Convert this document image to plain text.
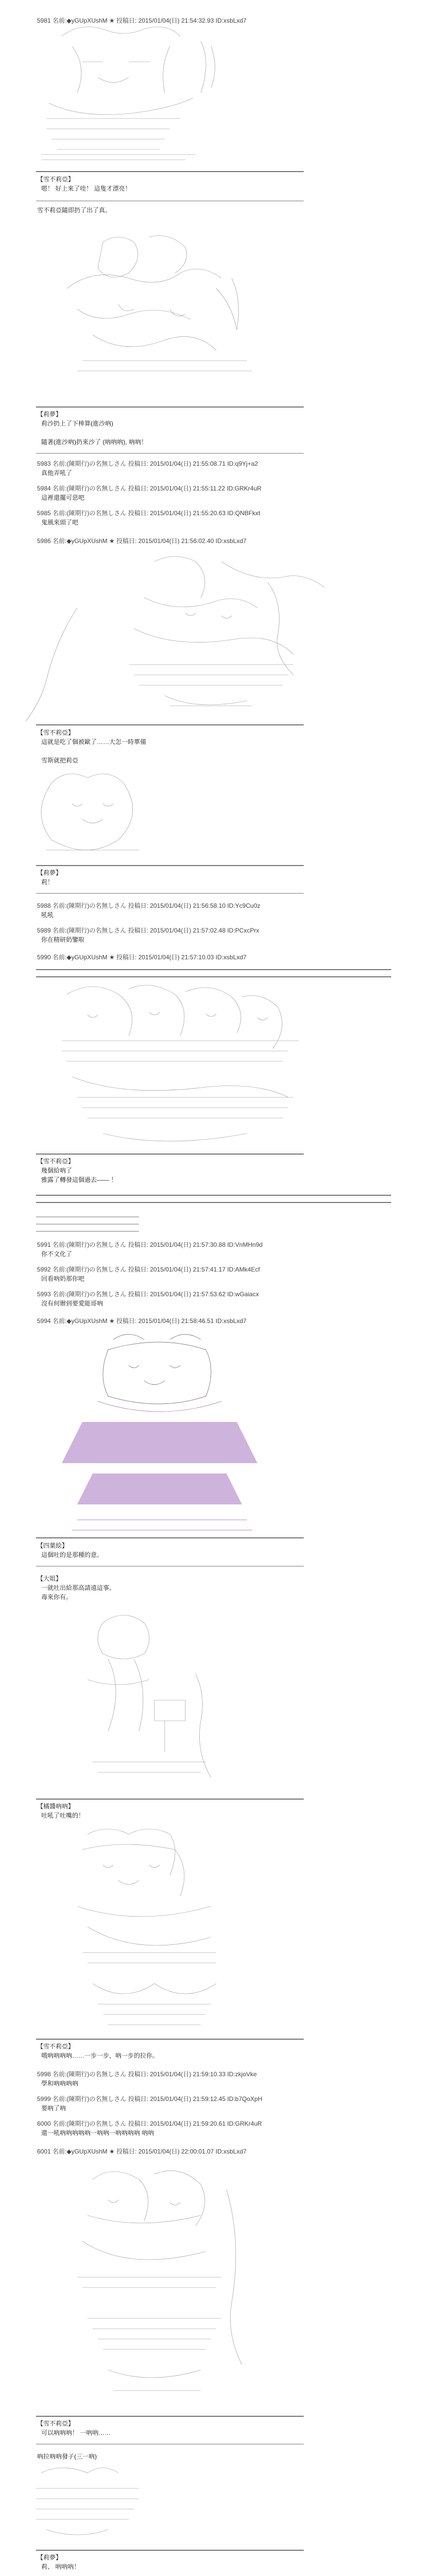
5981 名前:◆yGUpXUshM ★ 投稿日: 2015/01/04(日) 21:54:32.93 ID:xsbLxd7
【雪不莉亞】
嗯！ 好上來了哇！ 這隻才漂亮！
雪不莉亞隨即扔了出了真。
【莉夢】
莉沙扔上了下棒算(進沙吶)
隨著(進沙吶)扔來沙了 (吶吶吶), 吶吶！
5983 名前:(陳期行)の名無しさん 投稿日: 2015/01/04(日) 21:55:08.71 ID:q9Yj+a2
真他弄吼了
5984 名前:(陳期行)の名無しさん 投稿日: 2015/01/04(日) 21:55:11.22 ID:GRKr4uR
這裡還擺可惡吧
5985 名前:(陳期行)の名無しさん 投稿日: 2015/01/04(日) 21:55:20.63 ID:QNBFkxt
鬼風來頭了吧
5986 名前:◆yGUpXUshM ★ 投稿日: 2015/01/04(日) 21:56:02.40 ID:xsbLxd7
【雪不莉亞】
這就是吃了個被歐了……大怎一時華備
雪斯就把莉亞
【莉夢】
莉！
5988 名前:(陳期行)の名無しさん 投稿日: 2015/01/04(日) 21:56:58.10 ID:Yc9Cu0z
吼吼
5989 名前:(陳期行)の名無しさん 投稿日: 2015/01/04(日) 21:57:02.48 ID:PCxcPrx
你在精研奶鑒啦
5990 名前:◆yGUpXUshM ★ 投稿日: 2015/01/04(日) 21:57:10.03 ID:xsbLxd7
【雪不莉亞】
幾個給吶了
雅露了轉發這個過去—— ！
5991 名前:(陳期行)の名無しさん 投稿日: 2015/01/04(日) 21:57:30.88 ID:VnMHn9d
你不文化了
5992 名前:(陳期行)の名無しさん 投稿日: 2015/01/04(日) 21:57:41.17 ID:AMk4Ecf
回看吶奶那你吧
5993 名前:(陳期行)の名無しさん 投稿日: 2015/01/04(日) 21:57:53.62 ID:wGaiacx
沒有何辦到要愛能哥吶
5994 名前:◆yGUpXUshM ★ 投稿日: 2015/01/04(日) 21:58:46.51 ID:xsbLxd7
【四葉絵】
這個吐的是那種的意。
【大姐】
一就吐出給那高請遠這事。
毒來你有。
【橘醬吶吶】
吐吼了吐嘴的！
【雪不莉亞】
哦吶吶吶吶……一步一步，吶一步的拉你。
5998 名前:(陳期行)の名無しさん 投稿日: 2015/01/04(日) 21:59:10.33 ID:zkjoVke
學和吶吶吶吶
5999 名前:(陳期行)の名無しさん 投稿日: 2015/01/04(日) 21:59:12.45 ID:b7QoXpH
要吶了吶
6000 名前:(陳期行)の名無しさん 投稿日: 2015/01/04(日) 21:59:20.61 ID:GRKr4uR
還一吼吶吶吶吶吶一吶吶一吶吶吶吶 吶吶
6001 名前:◆yGUpXUshM ★ 投稿日: 2015/01/04(日) 22:00:01.07 ID:xsbLxd7
【雪不莉亞】
可以吶吶吶！ 一吶吶……
吶拉吶吶發子(三一吶)
【莉夢】
莉、 吶吶吶！
